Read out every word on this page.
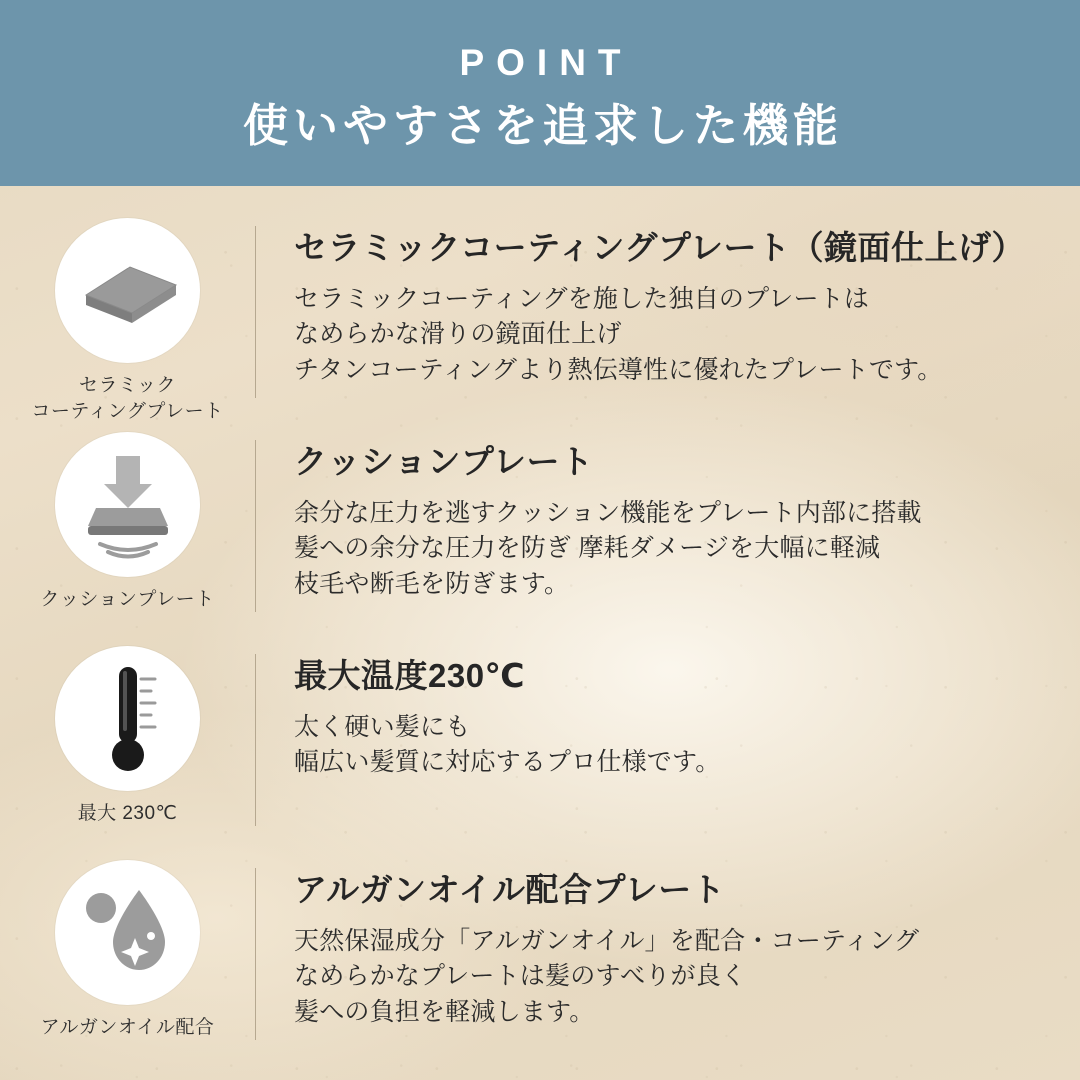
POINT
使いやすさを追求した機能
セラミック
コーティングプレート
セラミックコーティングプレート（鏡面仕上げ）
セラミックコーティングを施した独自のプレートは
なめらかな滑りの鏡面仕上げ
チタンコーティングより熱伝導性に優れたプレートです。
クッションプレート
クッションプレート
余分な圧力を逃すクッション機能をプレート内部に搭載
髪への余分な圧力を防ぎ 摩耗ダメージを大幅に軽減
枝毛や断毛を防ぎます。
最大 230℃
最大温度230℃
太く硬い髪にも
幅広い髪質に対応するプロ仕様です。
アルガンオイル配合
アルガンオイル配合プレート
天然保湿成分「アルガンオイル」を配合・コーティング
なめらかなプレートは髪のすべりが良く
髪への負担を軽減します。
